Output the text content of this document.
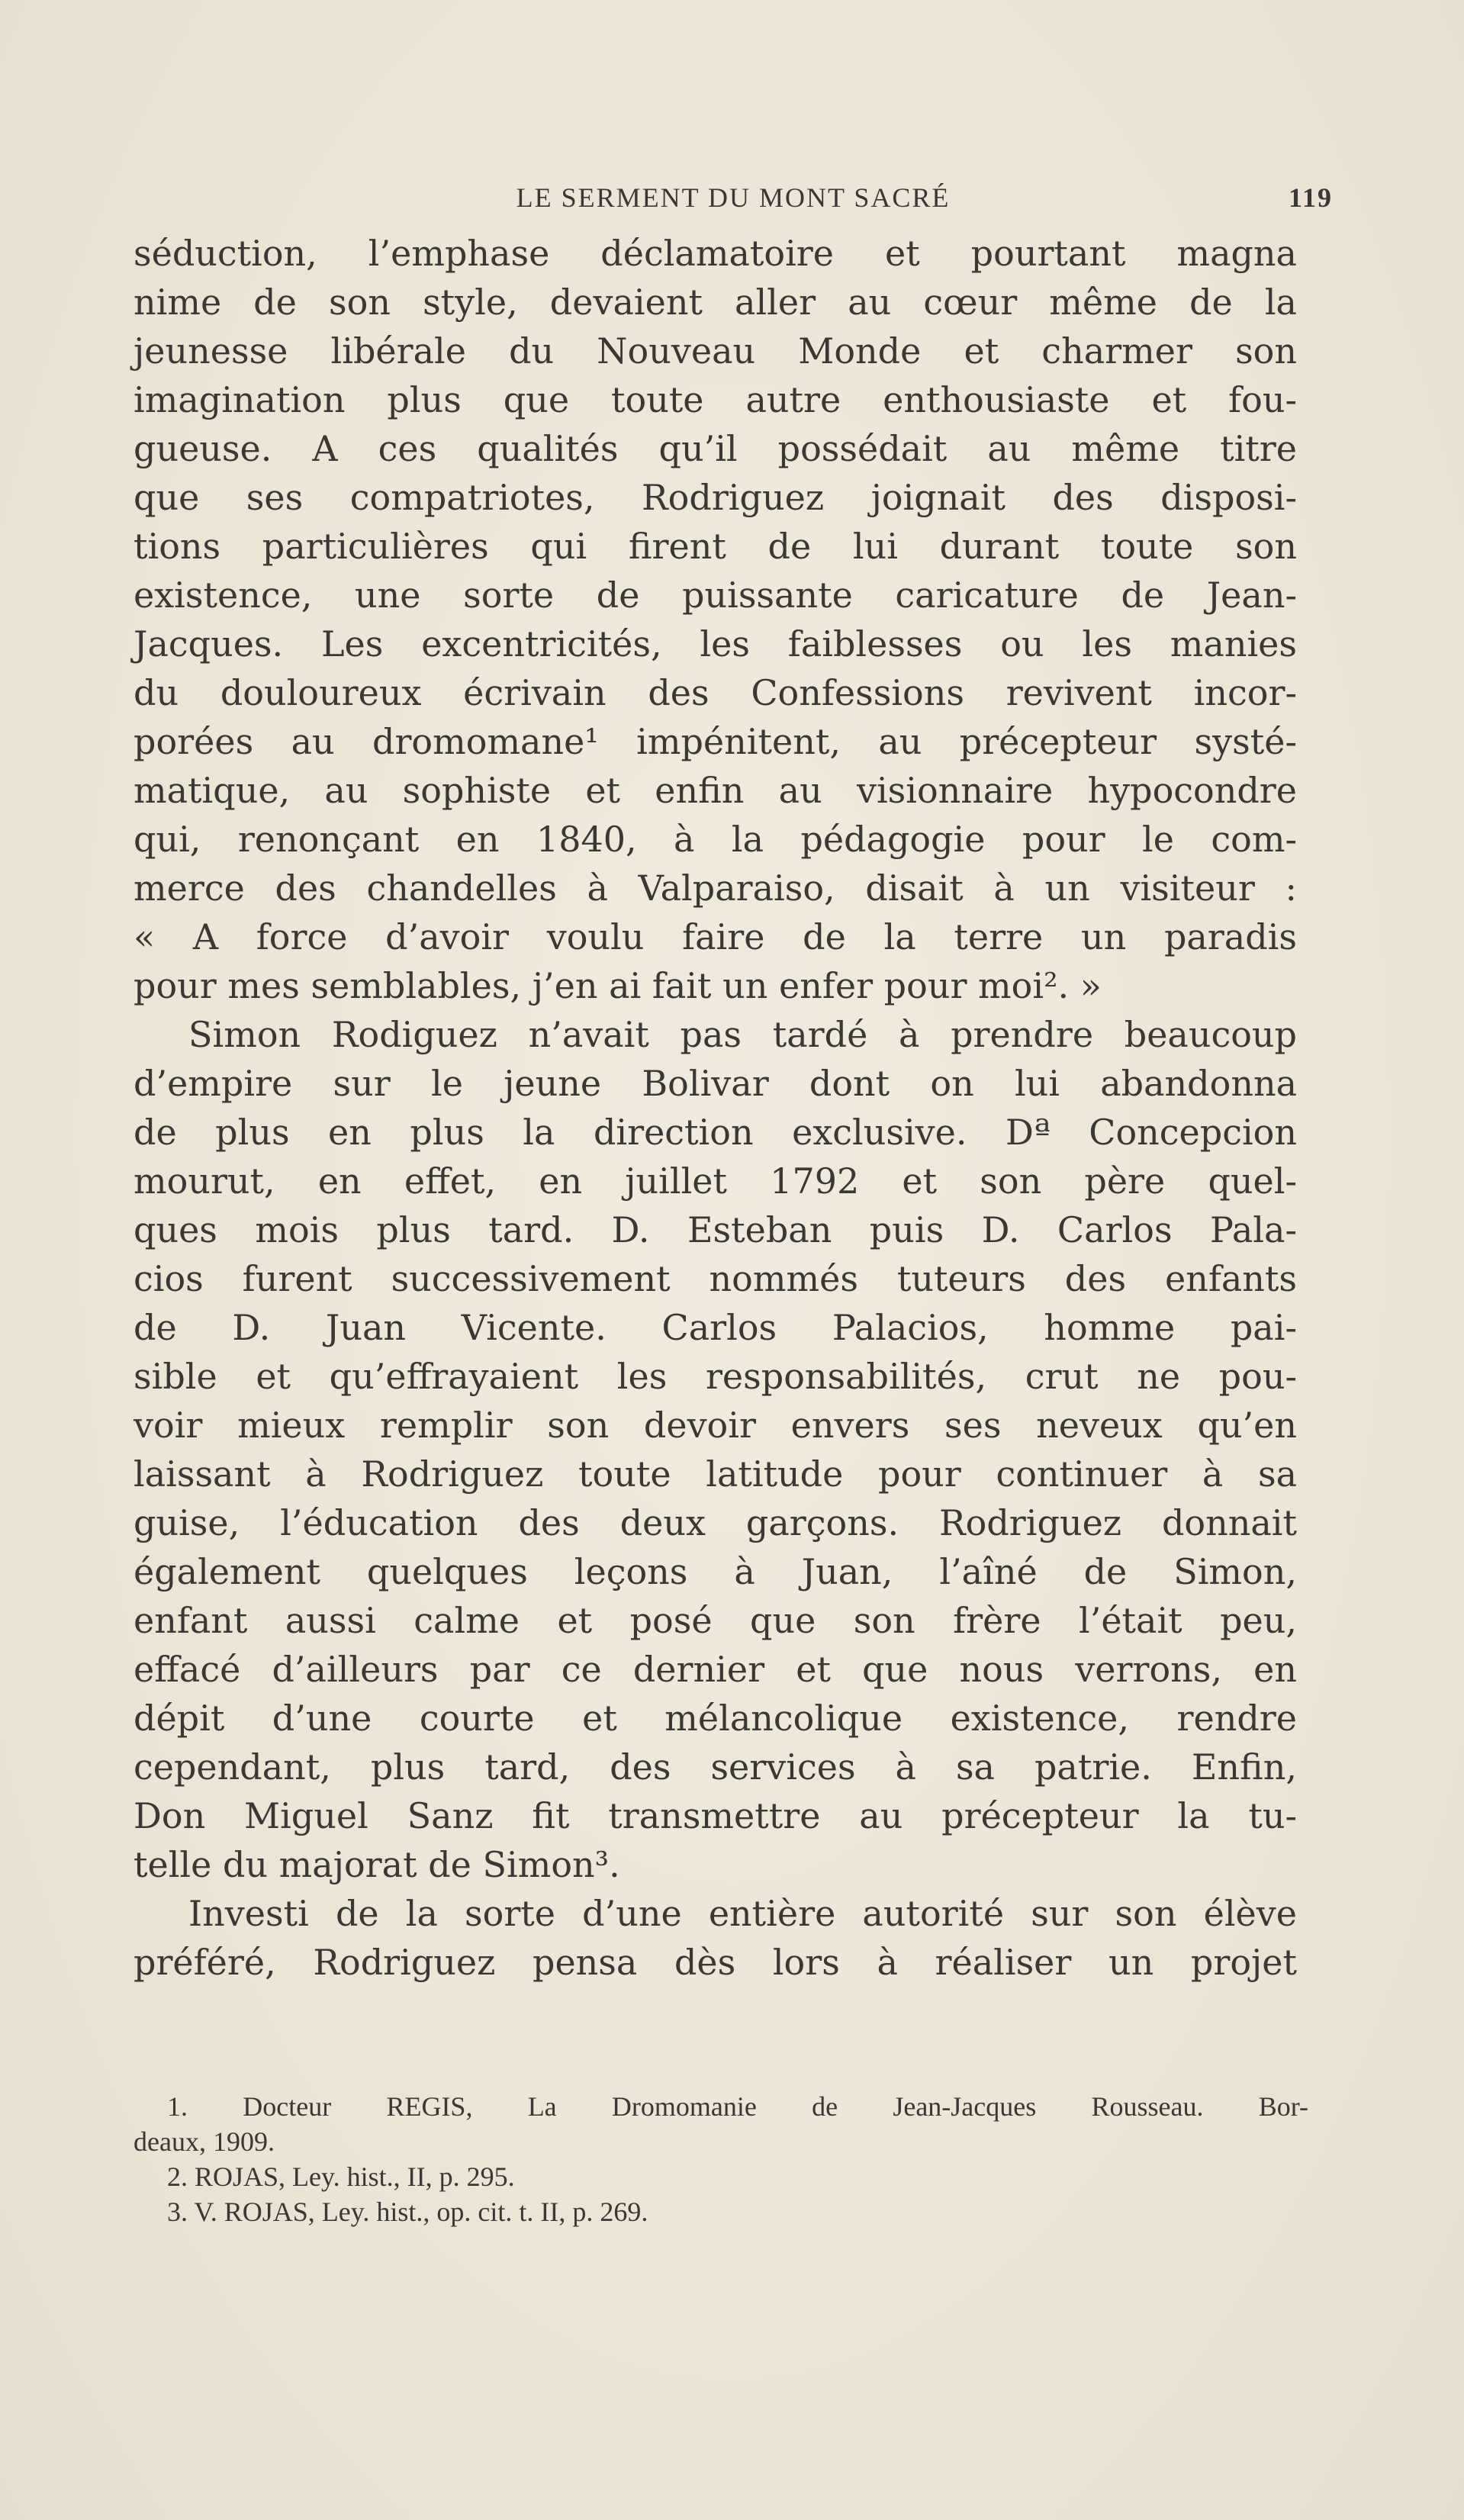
LE SERMENT DU MONT SACRÉ	119
séduction, l’emphase déclamatoire et pourtant magna
nime de son style, devaient aller au cœur même de la
jeunesse libérale du Nouveau Monde et charmer son
imagination plus que toute autre enthousiaste et fou-
gueuse. A ces qualités qu’il possédait au même titre
que ses compatriotes, Rodriguez joignait des disposi-
tions particulières qui firent de lui durant toute son
existence, une sorte de puissante caricature de Jean-
Jacques. Les excentricités, les faiblesses ou les manies
du douloureux écrivain des Confessions revivent incor-
porées au dromomane¹ impénitent, au précepteur systé-
matique, au sophiste et enfin au visionnaire hypocondre
qui, renonçant en 1840, à la pédagogie pour le com-
merce des chandelles à Valparaiso, disait à un visiteur :
« A force d’avoir voulu faire de la terre un paradis
pour mes semblables, j’en ai fait un enfer pour moi². »
Simon Rodiguez n’avait pas tardé à prendre beaucoup
d’empire sur le jeune Bolivar dont on lui abandonna
de plus en plus la direction exclusive. Dª Concepcion
mourut, en effet, en juillet 1792 et son père quel-
ques mois plus tard. D. Esteban puis D. Carlos Pala-
cios furent successivement nommés tuteurs des enfants
de D. Juan Vicente. Carlos Palacios, homme pai-
sible et qu’effrayaient les responsabilités, crut ne pou-
voir mieux remplir son devoir envers ses neveux qu’en
laissant à Rodriguez toute latitude pour continuer à sa
guise, l’éducation des deux garçons. Rodriguez donnait
également quelques leçons à Juan, l’aîné de Simon,
enfant aussi calme et posé que son frère l’était peu,
effacé d’ailleurs par ce dernier et que nous verrons, en
dépit d’une courte et mélancolique existence, rendre
cependant, plus tard, des services à sa patrie. Enfin,
Don Miguel Sanz fit transmettre au précepteur la tu-
telle du majorat de Simon³.
Investi de la sorte d’une entière autorité sur son élève
préféré, Rodriguez pensa dès lors à réaliser un projet
1. Docteur REGIS, La Dromomanie de Jean-Jacques Rousseau. Bor-
deaux, 1909.
2. ROJAS, Ley. hist., II, p. 295.
3. V. ROJAS, Ley. hist., op. cit. t. II, p. 269.
